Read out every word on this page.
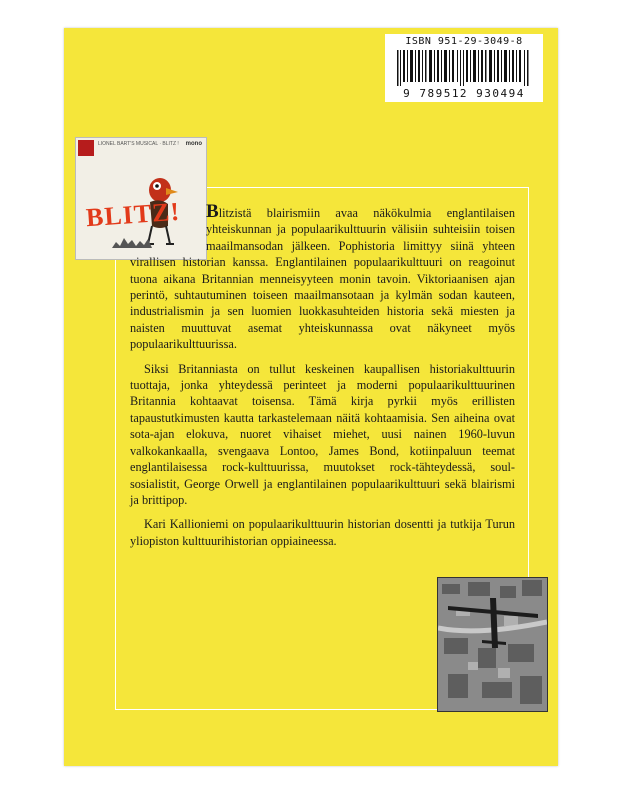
ISBN 951-29-3049-8
9 789512 930494
LIONEL BART'S MUSICAL · BLITZ ! mono
BLITZ!	Blitzistä blairismiin avaa näkökulmia englantilaisen yhteiskunnan ja populaarikulttuurin välisiin suhteisiin toisen maailmansodan jälkeen. Pophistoria limittyy siinä yhteen virallisen historian kanssa. Englantilainen populaarikulttuuri on reagoinut tuona aikana Britannian menneisyyteen monin tavoin. Viktoriaanisen ajan perintö, suhtautuminen toiseen maailmansotaan ja kylmän sodan kauteen, industrialismin ja sen luomien luokkasuhteiden historia sekä miesten ja naisten muuttuvat asemat yhteiskunnassa ovat näkyneet myös populaarikulttuurissa.

Siksi Britanniasta on tullut keskeinen kaupallisen historiakulttuurin tuottaja, jonka yhteydessä perinteet ja moderni populaarikulttuurinen Britannia kohtaavat toisensa. Tämä kirja pyrkii myös erillisten tapaustutkimusten kautta tarkastelemaan näitä kohtaamisia. Sen aiheina ovat sota-ajan elokuva, nuoret vihaiset miehet, uusi nainen 1960-luvun valkokankaalla, svengaava Lontoo, James Bond, kotiinpaluun teemat englantilaisessa rock-kulttuurissa, muutokset rock-tähteydessä, soul-sosialistit, George Orwell ja englantilainen populaarikulttuuri sekä blairismi ja brittipop.

Kari Kallioniemi on populaarikulttuurin historian dosentti ja tutkija Turun yliopiston kulttuurihistorian oppiaineessa.
